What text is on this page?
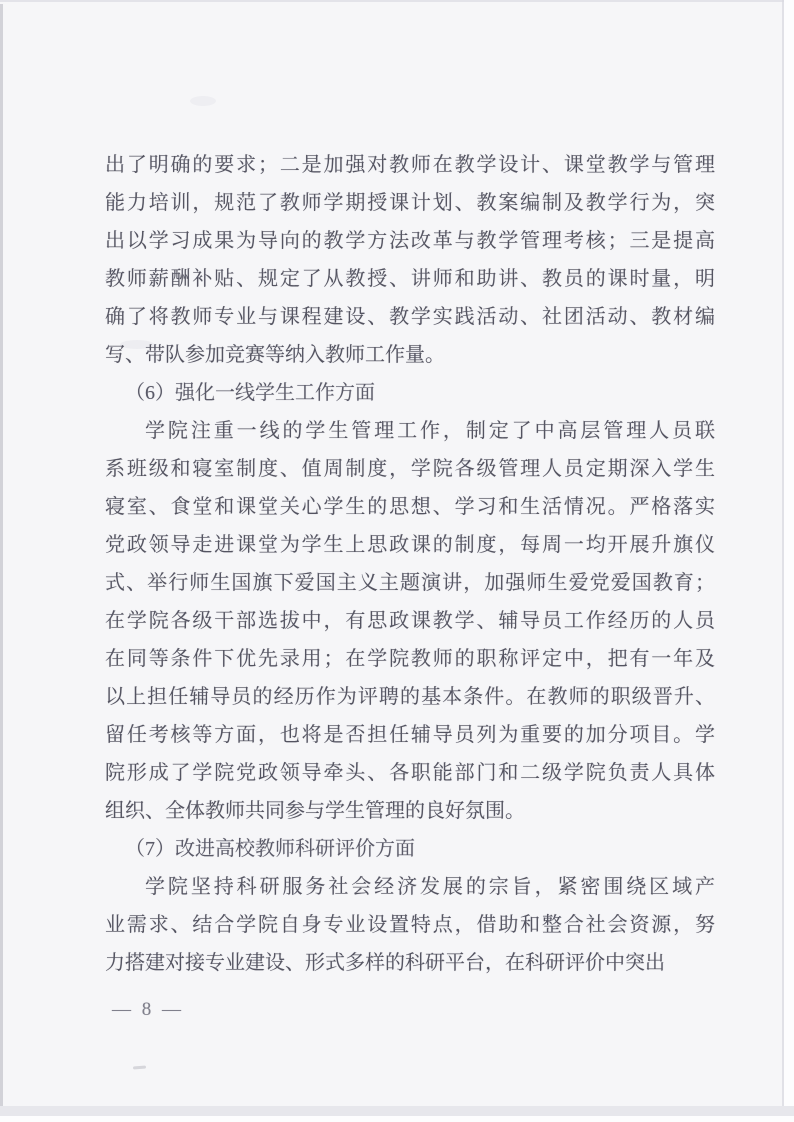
出了明确的要求；二是加强对教师在教学设计、课堂教学与管理
能力培训，规范了教师学期授课计划、教案编制及教学行为，突
出以学习成果为导向的教学方法改革与教学管理考核；三是提高
教师薪酬补贴、规定了从教授、讲师和助讲、教员的课时量，明
确了将教师专业与课程建设、教学实践活动、社团活动、教材编
写、带队参加竞赛等纳入教师工作量。
（6）强化一线学生工作方面
学院注重一线的学生管理工作，制定了中高层管理人员联
系班级和寝室制度、值周制度，学院各级管理人员定期深入学生
寝室、食堂和课堂关心学生的思想、学习和生活情况。严格落实
党政领导走进课堂为学生上思政课的制度，每周一均开展升旗仪
式、举行师生国旗下爱国主义主题演讲，加强师生爱党爱国教育；
在学院各级干部选拔中，有思政课教学、辅导员工作经历的人员
在同等条件下优先录用；在学院教师的职称评定中，把有一年及
以上担任辅导员的经历作为评聘的基本条件。在教师的职级晋升、
留任考核等方面，也将是否担任辅导员列为重要的加分项目。学
院形成了学院党政领导牵头、各职能部门和二级学院负责人具体
组织、全体教师共同参与学生管理的良好氛围。
（7）改进高校教师科研评价方面
学院坚持科研服务社会经济发展的宗旨，紧密围绕区域产
业需求、结合学院自身专业设置特点，借助和整合社会资源，努
力搭建对接专业建设、形式多样的科研平台，在科研评价中突出
— 8 —
